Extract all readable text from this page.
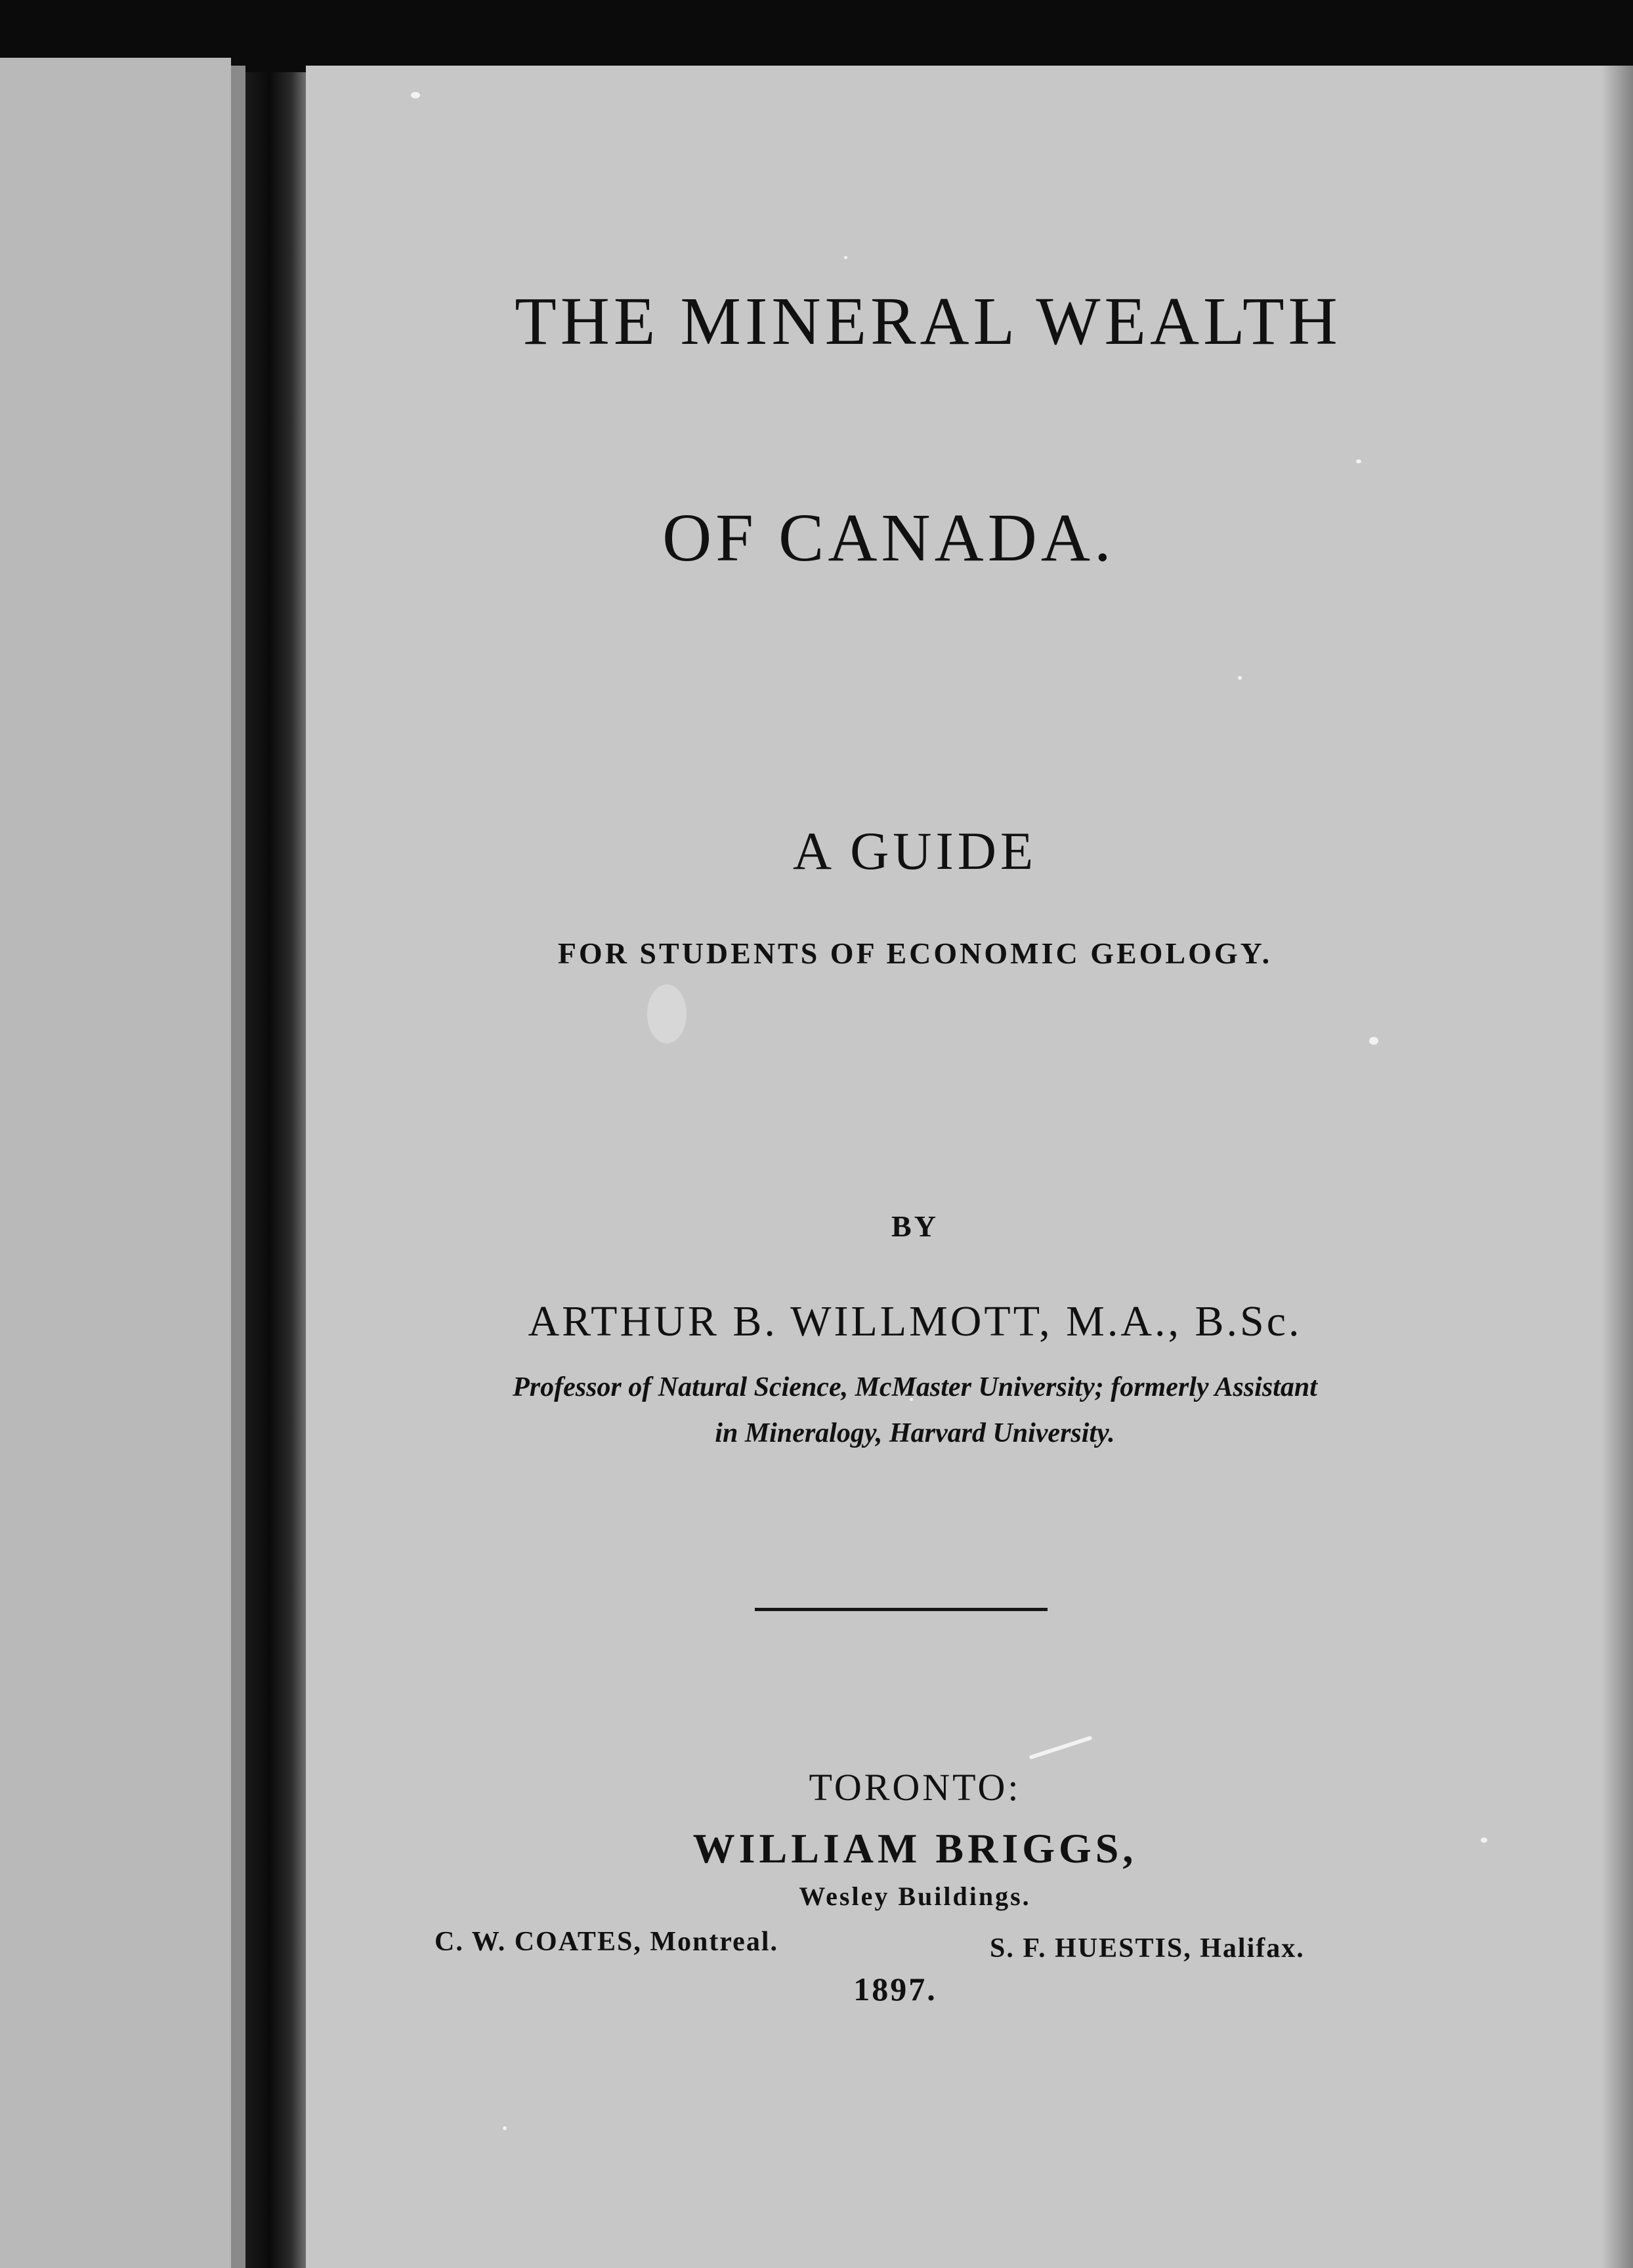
THE MINERAL WEALTH
OF CANADA.
A GUIDE
FOR STUDENTS OF ECONOMIC GEOLOGY.
BY
ARTHUR B. WILLMOTT, M.A., B.Sc.
Professor of Natural Science, McMaster University; formerly Assistant
in Mineralogy, Harvard University.
TORONTO:
WILLIAM BRIGGS,
Wesley Buildings.
C. W. COATES, Montreal.	S. F. HUESTIS, Halifax.
1897.
